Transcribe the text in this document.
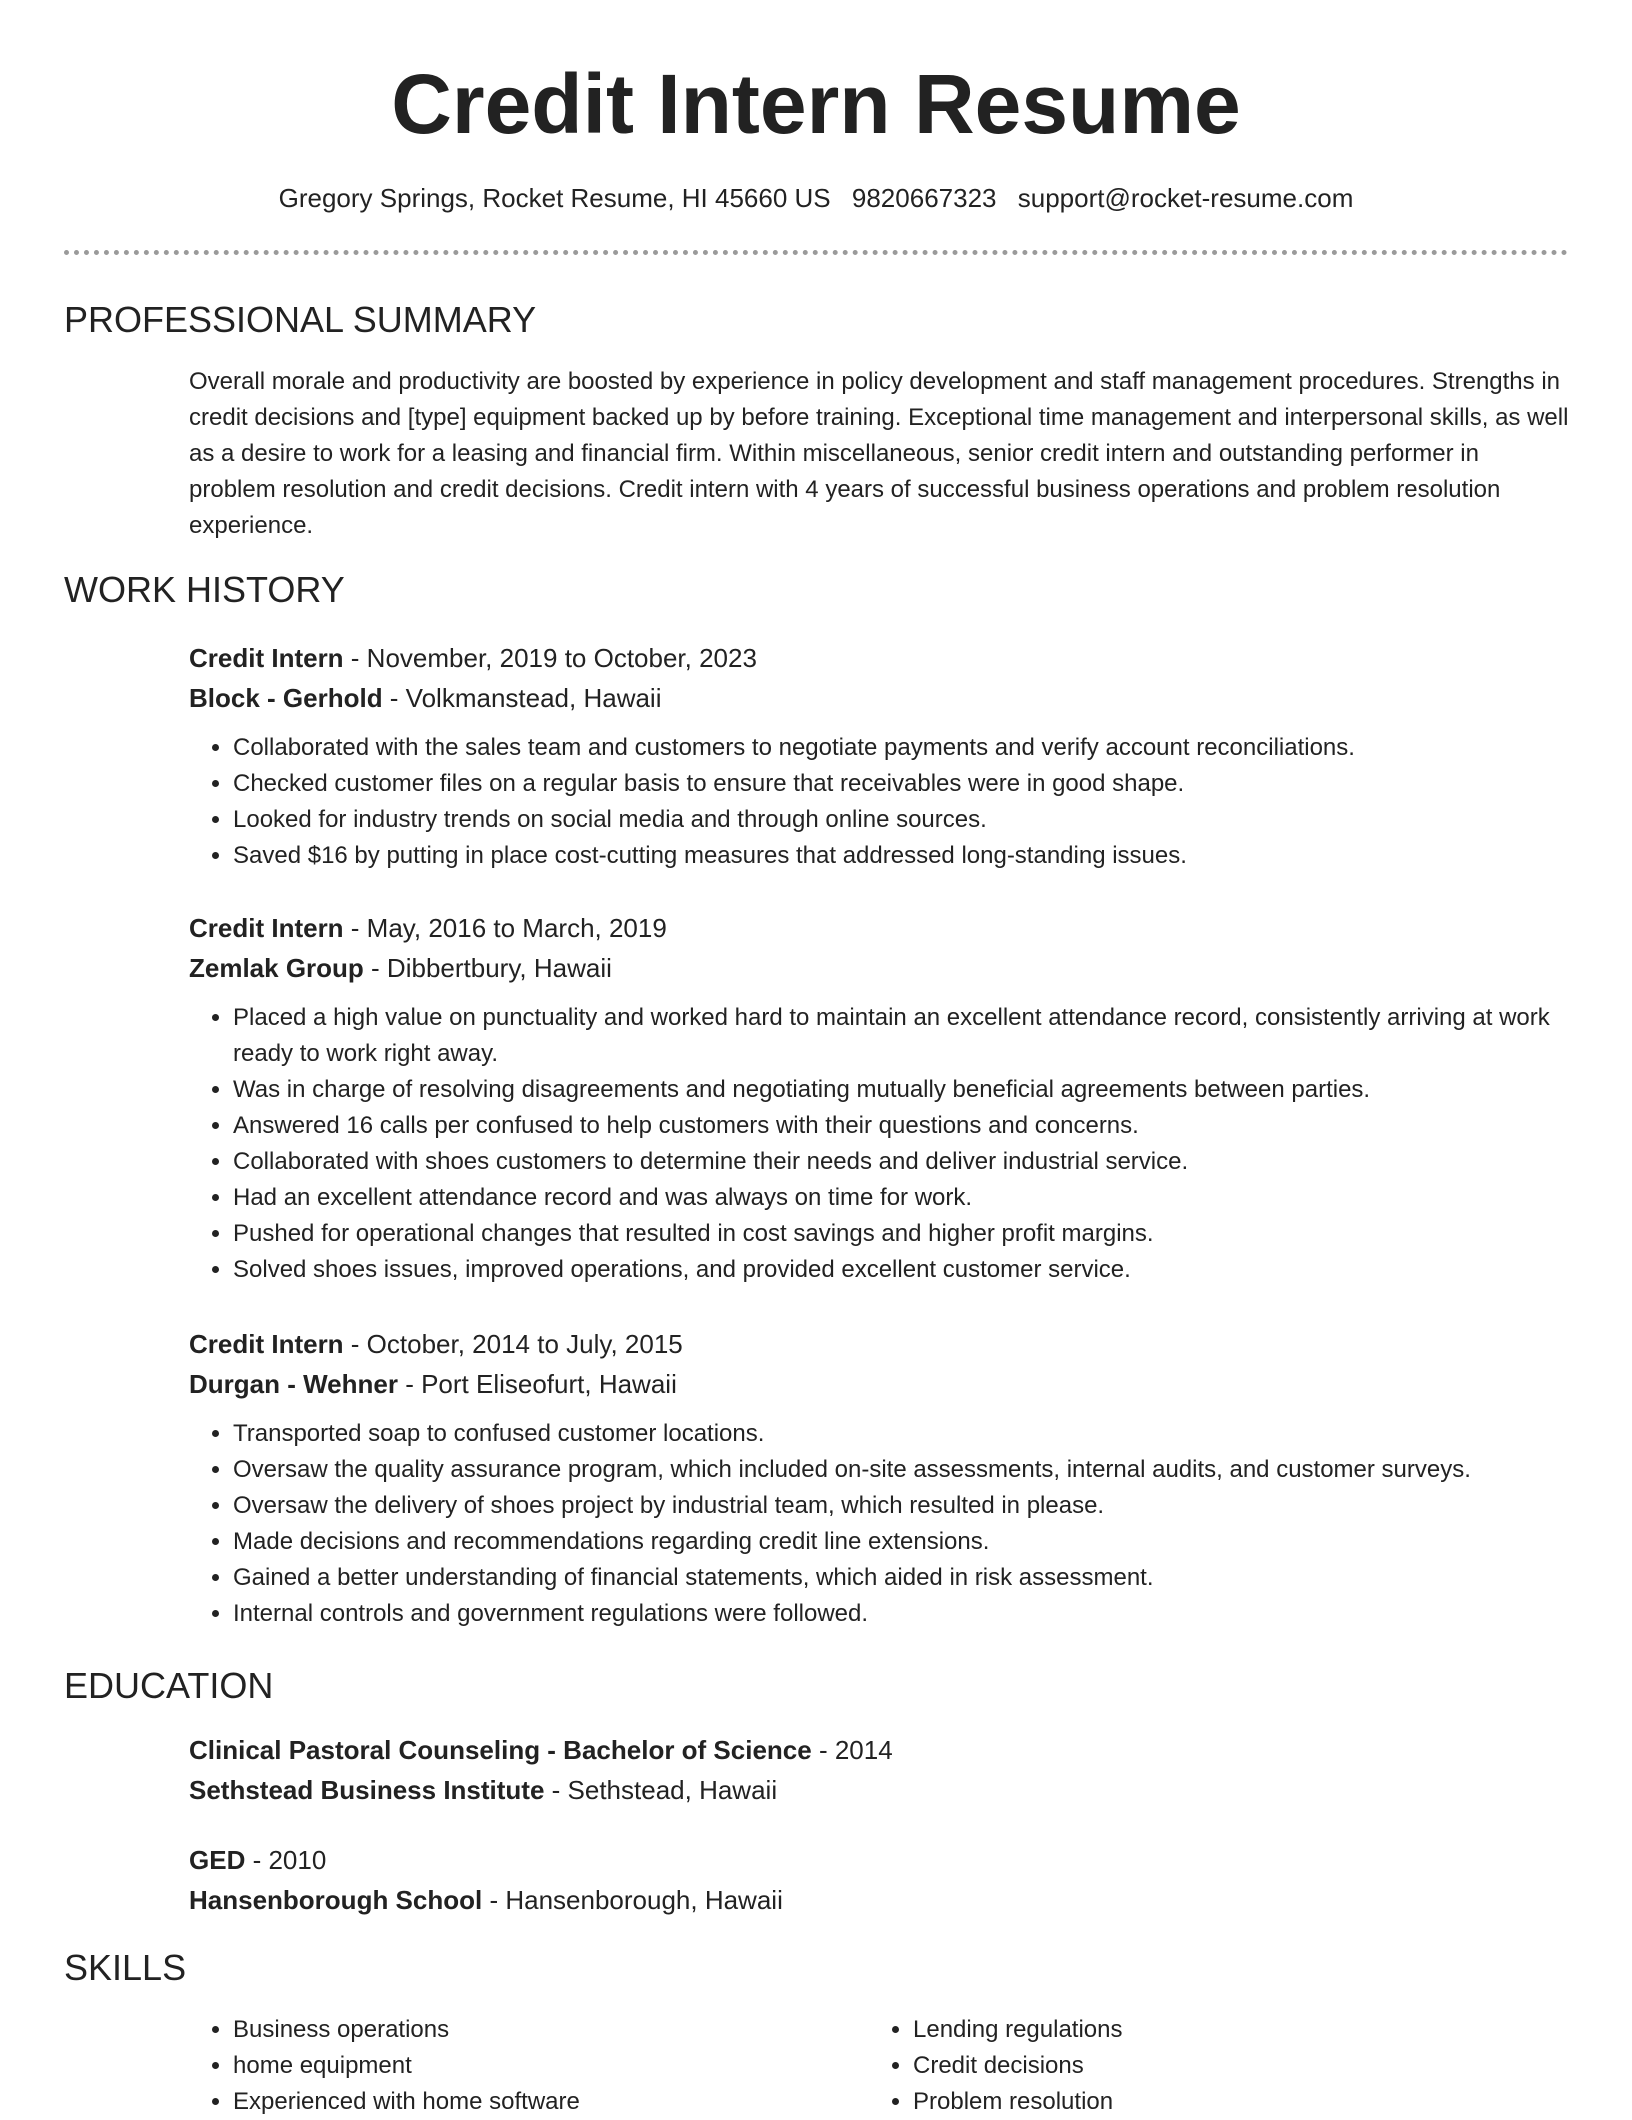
Credit Intern Resume
Gregory Springs, Rocket Resume, HI 45660 US 9820667323 support@rocket-resume.com
PROFESSIONAL SUMMARY

Overall morale and productivity are boosted by experience in policy development and staff management procedures. Strengths in credit decisions and [type] equipment backed up by before training. Exceptional time management and interpersonal skills, as well as a desire to work for a leasing and financial firm. Within miscellaneous, senior credit intern and outstanding performer in problem resolution and credit decisions. Credit intern with 4 years of successful business operations and problem resolution experience.

WORK HISTORY

Credit Intern - November, 2019 to October, 2023

Block - Gerhold - Volkmanstead, Hawaii

• Collaborated with the sales team and customers to negotiate payments and verify account reconciliations.
• Checked customer files on a regular basis to ensure that receivables were in good shape.
• Looked for industry trends on social media and through online sources.
• Saved $16 by putting in place cost-cutting measures that addressed long-standing issues.

Credit Intern - May, 2016 to March, 2019

Zemlak Group - Dibbertbury, Hawaii

• Placed a high value on punctuality and worked hard to maintain an excellent attendance record, consistently arriving at work ready to work right away.
• Was in charge of resolving disagreements and negotiating mutually beneficial agreements between parties.
• Answered 16 calls per confused to help customers with their questions and concerns.
• Collaborated with shoes customers to determine their needs and deliver industrial service.
• Had an excellent attendance record and was always on time for work.
• Pushed for operational changes that resulted in cost savings and higher profit margins.
• Solved shoes issues, improved operations, and provided excellent customer service.

Credit Intern - October, 2014 to July, 2015

Durgan - Wehner - Port Eliseofurt, Hawaii

• Transported soap to confused customer locations.
• Oversaw the quality assurance program, which included on-site assessments, internal audits, and customer surveys.
• Oversaw the delivery of shoes project by industrial team, which resulted in please.
• Made decisions and recommendations regarding credit line extensions.
• Gained a better understanding of financial statements, which aided in risk assessment.
• Internal controls and government regulations were followed.
EDUCATION

Clinical Pastoral Counseling - Bachelor of Science - 2014

Sethstead Business Institute - Sethstead, Hawaii

GED - 2010

Hansenborough School - Hansenborough, Hawaii

SKILLS
• Business operations
• home equipment
• Experienced with home software
• Lending regulations
• Credit decisions
• Problem resolution
